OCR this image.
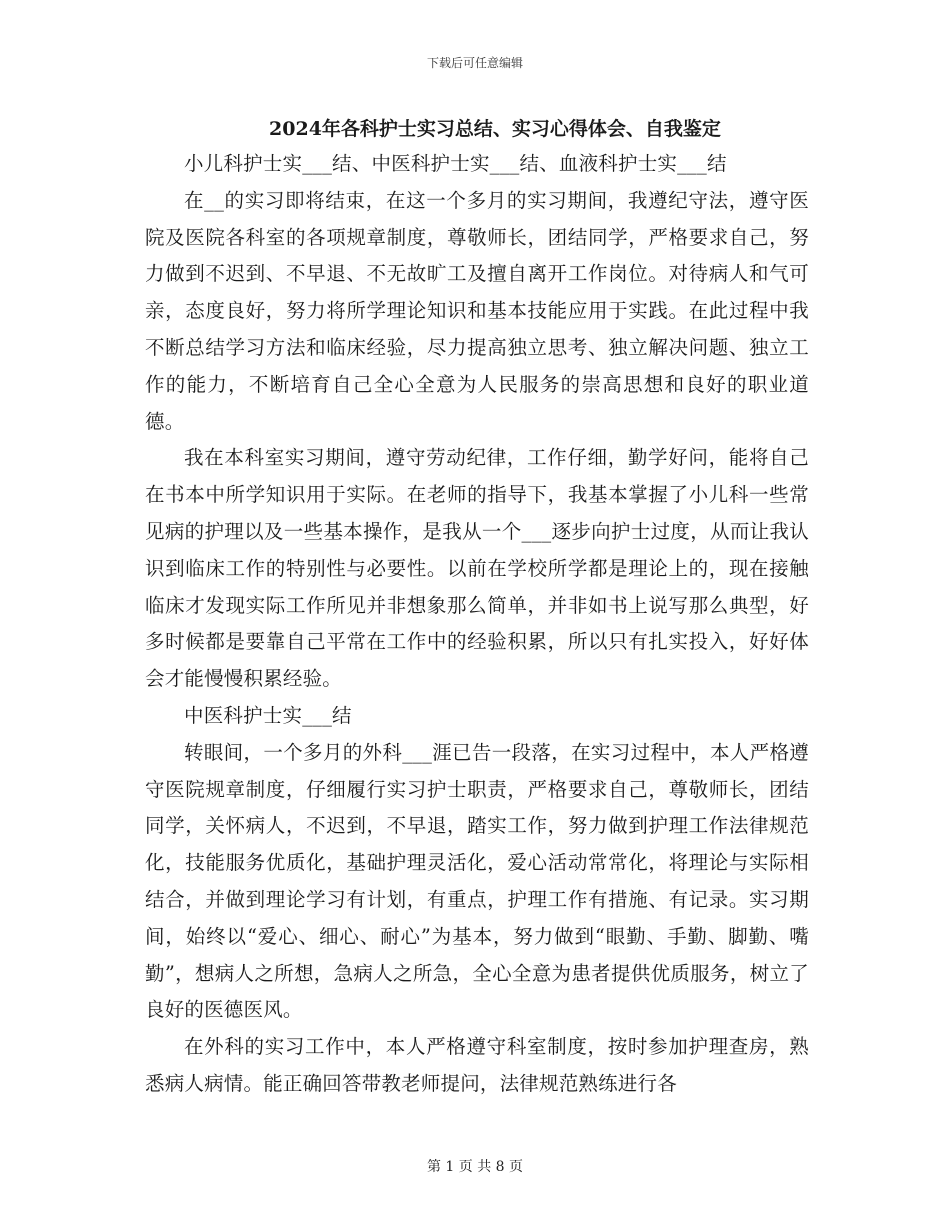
下载后可任意编辑
2024年各科护士实习总结、实习心得体会、自我鉴定

小儿科护士实___结、中医科护士实___结、血液科护士实___结

在__的实习即将结束，在这一个多月的实习期间，我遵纪守法，遵守医院及医院各科室的各项规章制度，尊敬师长，团结同学，严格要求自己，努力做到不迟到、不早退、不无故旷工及擅自离开工作岗位。对待病人和气可亲，态度良好，努力将所学理论知识和基本技能应用于实践。在此过程中我不断总结学习方法和临床经验，尽力提高独立思考、独立解决问题、独立工作的能力，不断培育自己全心全意为人民服务的崇高思想和良好的职业道德。

我在本科室实习期间，遵守劳动纪律，工作仔细，勤学好问，能将自己在书本中所学知识用于实际。在老师的指导下，我基本掌握了小儿科一些常见病的护理以及一些基本操作，是我从一个___逐步向护士过度，从而让我认识到临床工作的特别性与必要性。以前在学校所学都是理论上的，现在接触临床才发现实际工作所见并非想象那么简单，并非如书上说写那么典型，好多时候都是要靠自己平常在工作中的经验积累，所以只有扎实投入，好好体会才能慢慢积累经验。

中医科护士实___结

转眼间，一个多月的外科___涯已告一段落，在实习过程中，本人严格遵守医院规章制度，仔细履行实习护士职责，严格要求自己，尊敬师长，团结同学，关怀病人，不迟到，不早退，踏实工作，努力做到护理工作法律规范化，技能服务优质化，基础护理灵活化，爱心活动常常化，将理论与实际相结合，并做到理论学习有计划，有重点，护理工作有措施、有记录。实习期间，始终以“爱心、细心、耐心”为基本，努力做到“眼勤、手勤、脚勤、嘴勤”，想病人之所想，急病人之所急，全心全意为患者提供优质服务，树立了良好的医德医风。

在外科的实习工作中，本人严格遵守科室制度，按时参加护理查房，熟悉病人病情。能正确回答带教老师提问，法律规范熟练进行各

第 1 页 共 8 页
